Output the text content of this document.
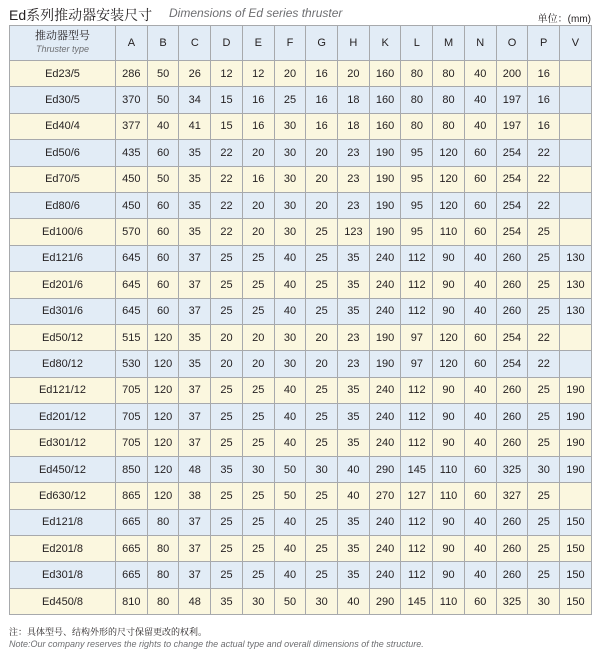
Ed系列推动器安装尺寸 Dimensions of Ed series thruster	单位：(mm)
推动器型号
Thruster type	A	B	C	D	E	F	G	H	K	L	M	N	O	P	V
Ed23/5	286	50	26	12	12	20	16	20	160	80	80	40	200	16	
Ed30/5	370	50	34	15	16	25	16	18	160	80	80	40	197	16	
Ed40/4	377	40	41	15	16	30	16	18	160	80	80	40	197	16	
Ed50/6	435	60	35	22	20	30	20	23	190	95	120	60	254	22	
Ed70/5	450	50	35	22	16	30	20	23	190	95	120	60	254	22	
Ed80/6	450	60	35	22	20	30	20	23	190	95	120	60	254	22	
Ed100/6	570	60	35	22	20	30	25	123	190	95	110	60	254	25	
Ed121/6	645	60	37	25	25	40	25	35	240	112	90	40	260	25	130
Ed201/6	645	60	37	25	25	40	25	35	240	112	90	40	260	25	130
Ed301/6	645	60	37	25	25	40	25	35	240	112	90	40	260	25	130
Ed50/12	515	120	35	20	20	30	20	23	190	97	120	60	254	22	
Ed80/12	530	120	35	20	20	30	20	23	190	97	120	60	254	22	
Ed121/12	705	120	37	25	25	40	25	35	240	112	90	40	260	25	190
Ed201/12	705	120	37	25	25	40	25	35	240	112	90	40	260	25	190
Ed301/12	705	120	37	25	25	40	25	35	240	112	90	40	260	25	190
Ed450/12	850	120	48	35	30	50	30	40	290	145	110	60	325	30	190
Ed630/12	865	120	38	25	25	50	25	40	270	127	110	60	327	25	
Ed121/8	665	80	37	25	25	40	25	35	240	112	90	40	260	25	150
Ed201/8	665	80	37	25	25	40	25	35	240	112	90	40	260	25	150
Ed301/8	665	80	37	25	25	40	25	35	240	112	90	40	260	25	150
Ed450/8	810	80	48	35	30	50	30	40	290	145	110	60	325	30	150
注：具体型号、结构外形的尺寸保留更改的权利。
Note:Our company reserves the rights to change the actual type and overall dimensions of the structure.
